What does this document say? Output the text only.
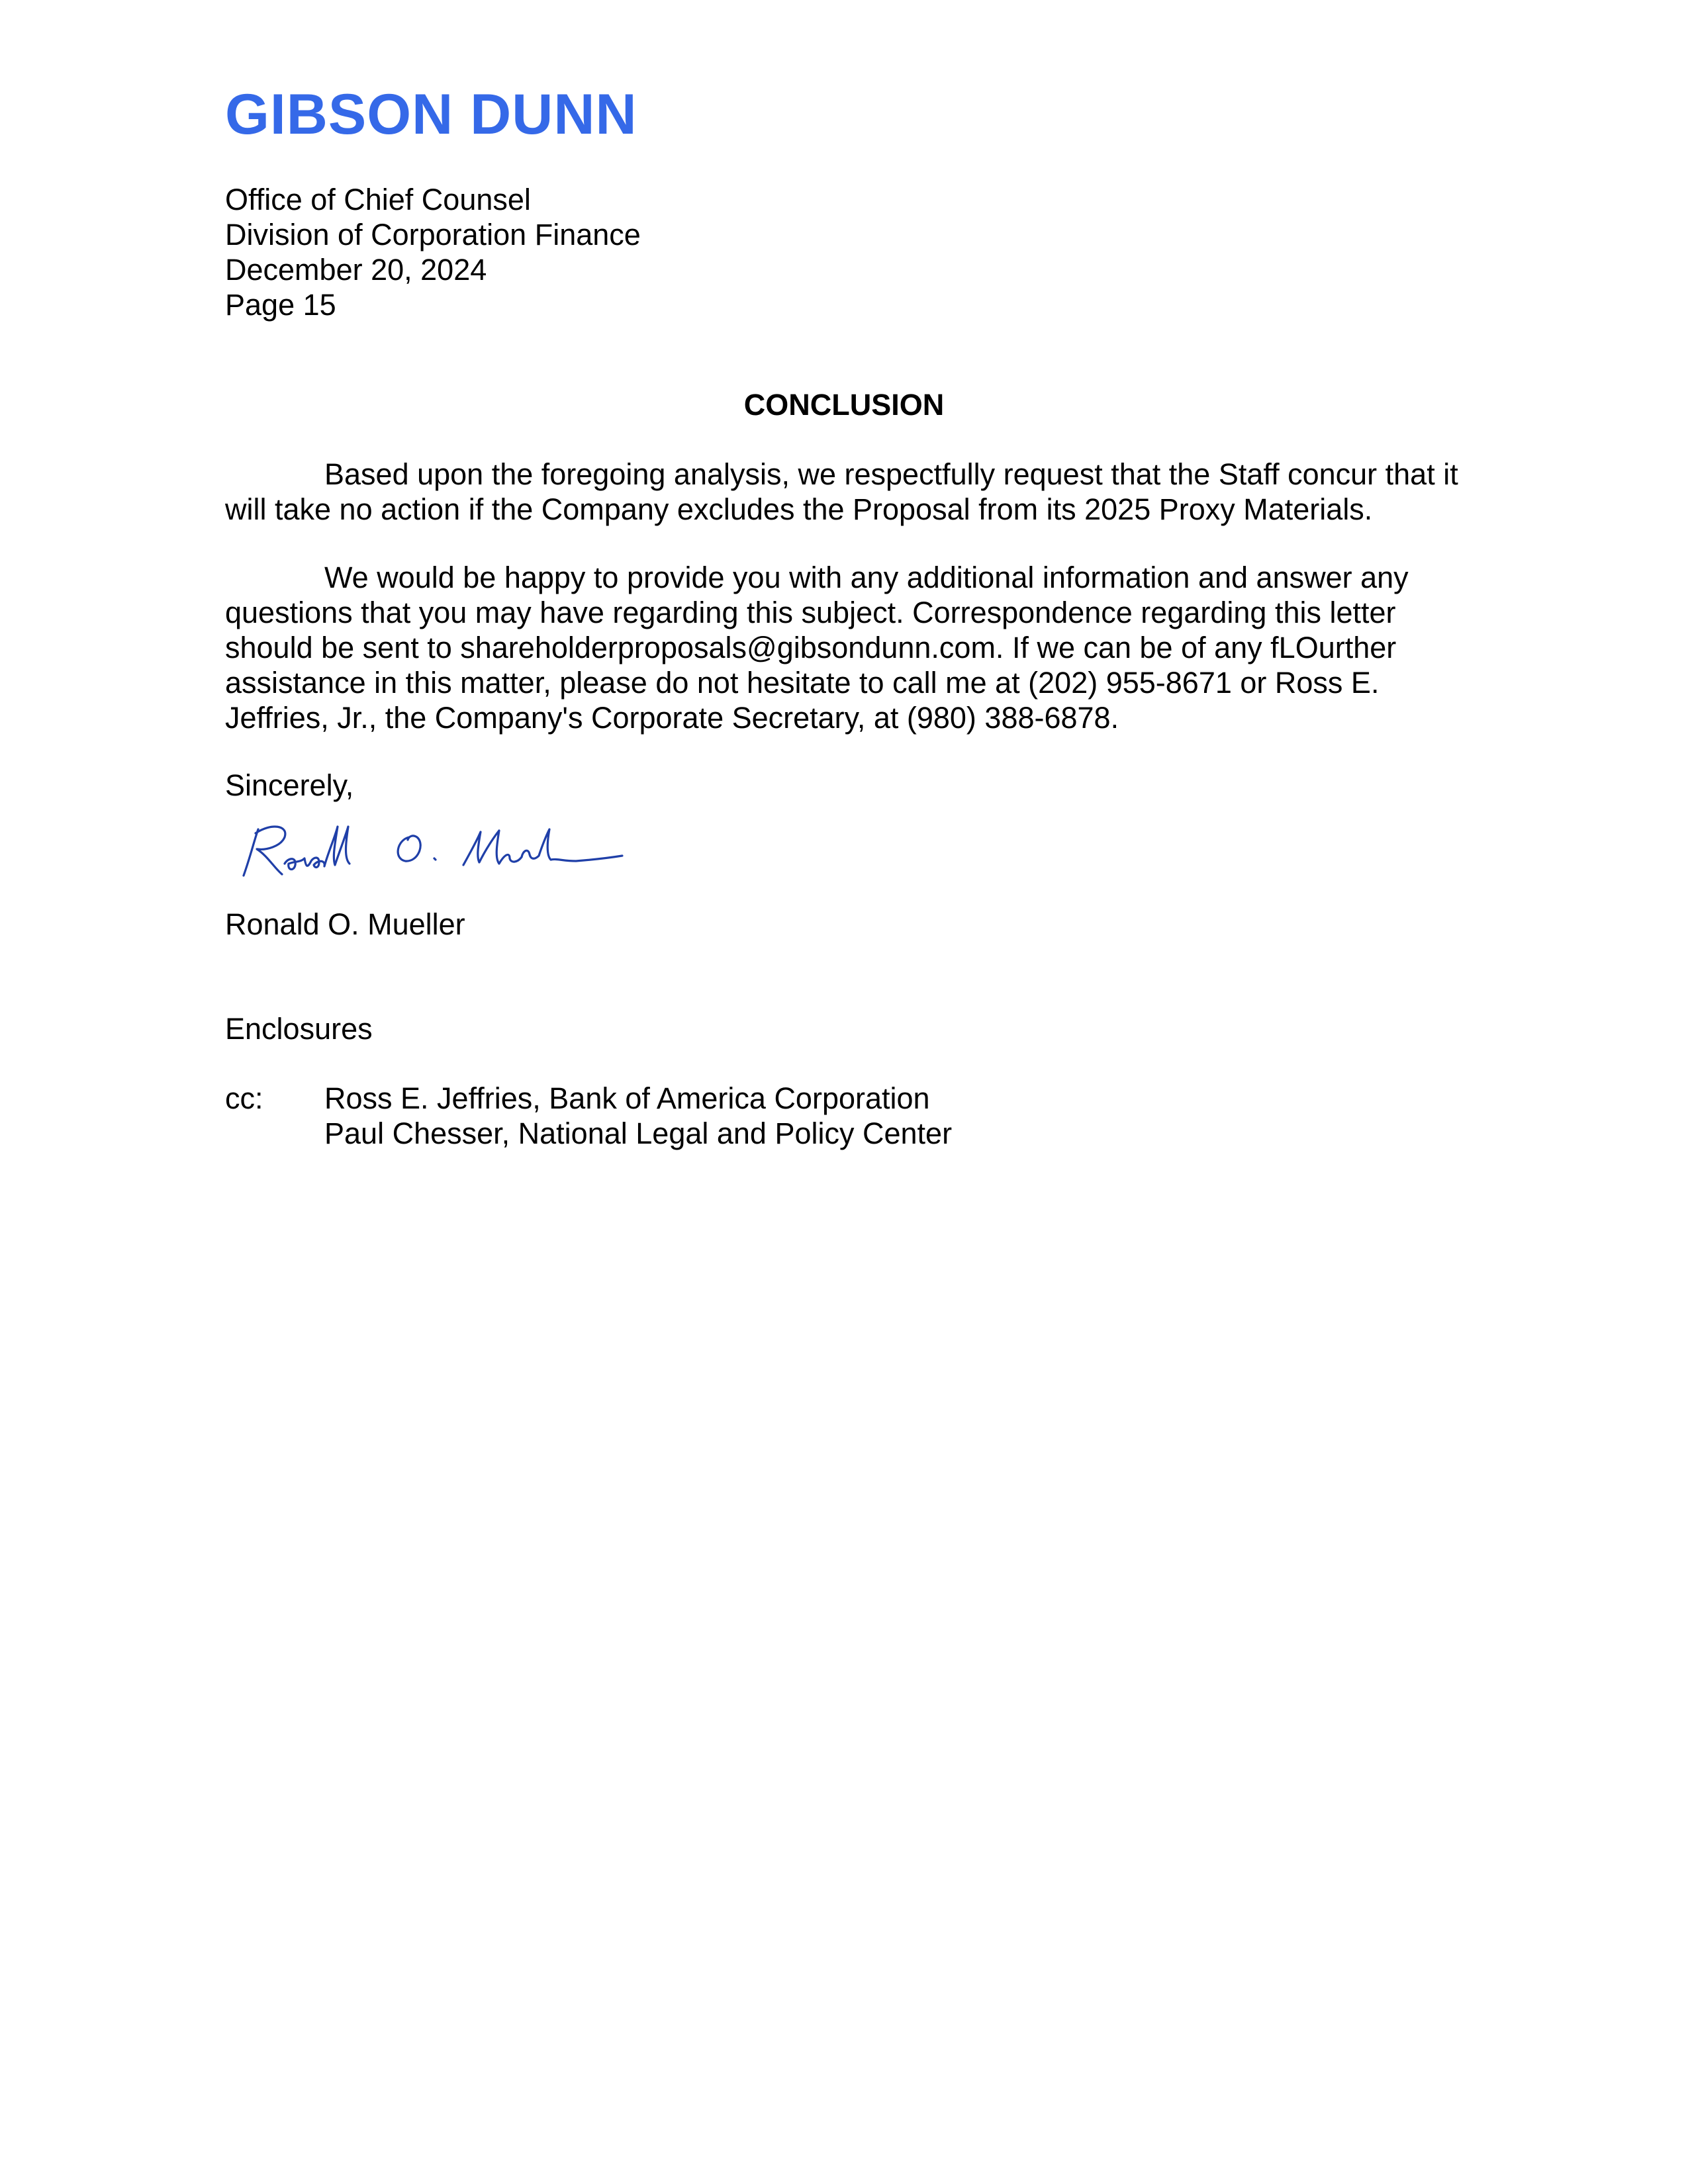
GIBSON DUNN
Office of Chief Counsel
Division of Corporation Finance
December 20, 2024
Page 15
CONCLUSION

Based upon the foregoing analysis, we respectfully request that the Staff concur that it will take no action if the Company excludes the Proposal from its 2025 Proxy Materials.

We would be happy to provide you with any additional information and answer any questions that you may have regarding this subject. Correspondence regarding this letter should be sent to shareholderproposals@gibsondunn.com. If we can be of any fLOurther assistance in this matter, please do not hesitate to call me at (202) 955-8671 or Ross E. Jeffries, Jr., the Company's Corporate Secretary, at (980) 388-6878.

Sincerely,
Ronald O. Mueller
Enclosures
cc: Ross E. Jeffries, Bank of America Corporation
Paul Chesser, National Legal and Policy Center
